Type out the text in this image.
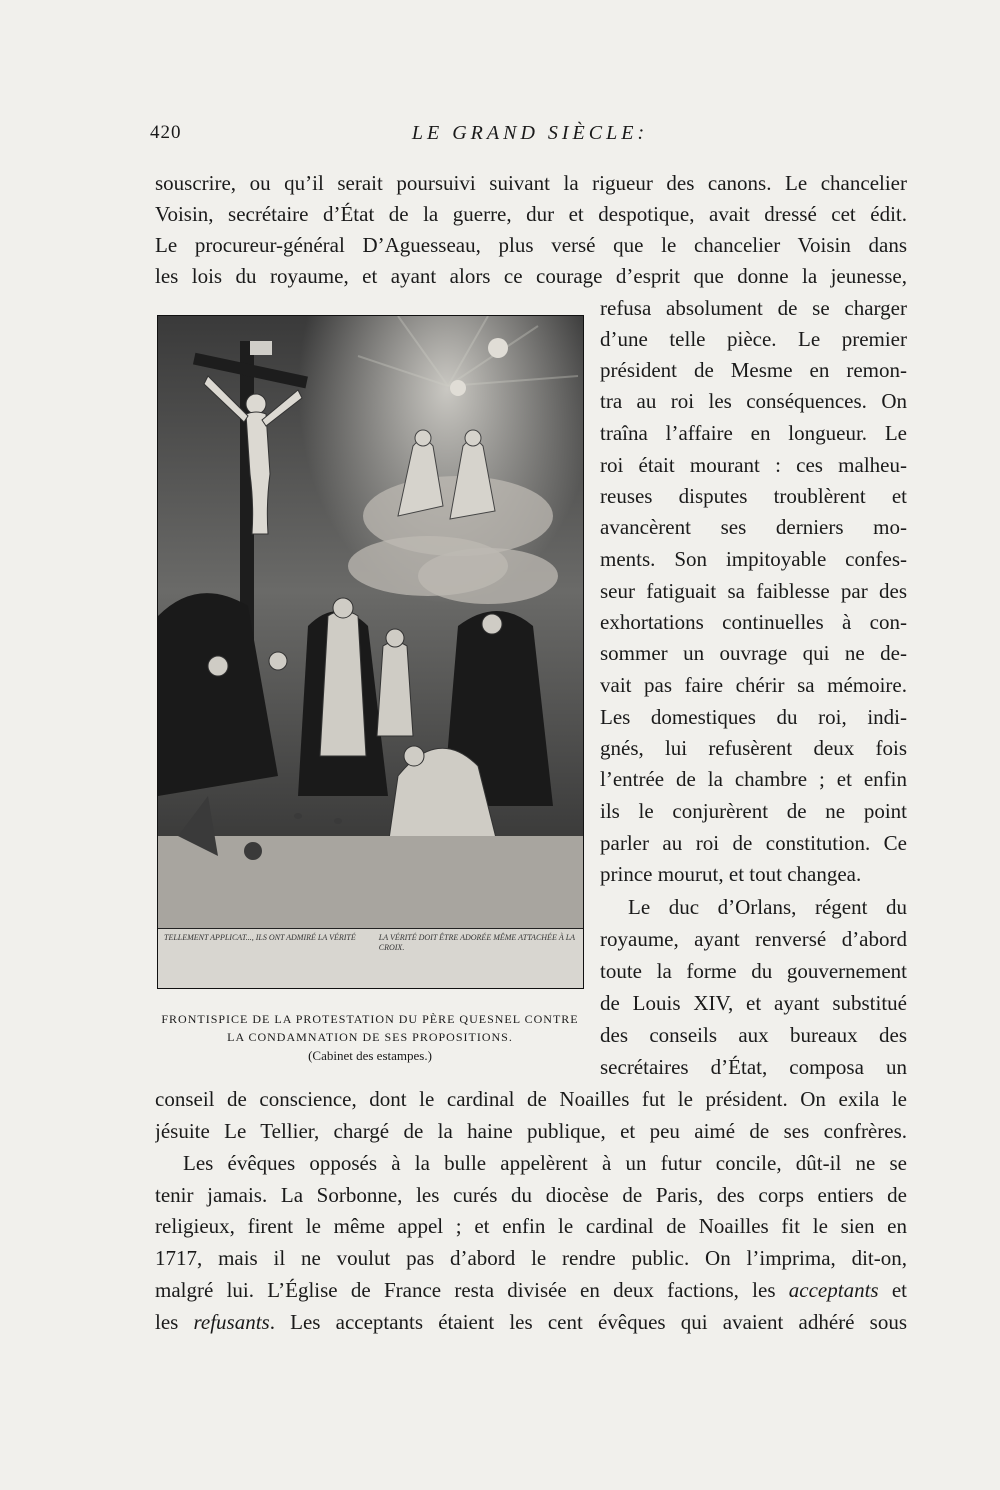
420	LE GRAND SIÈCLE:
souscrire, ou qu’il serait poursuivi suivant la rigueur des canons. Le chancelier
Voisin, secrétaire d’État de la guerre, dur et despotique, avait dressé cet édit.
Le procureur-général D’Aguesseau, plus versé que le chancelier Voisin dans
les lois du royaume, et ayant alors ce courage d’esprit que donne la jeunesse,
refusa absolument de se charger
d’une telle pièce. Le premier
président de Mesme en remon-
tra au roi les conséquences. On
traîna l’affaire en longueur. Le
roi était mourant : ces malheu-
reuses disputes troublèrent et
avancèrent ses derniers mo-
ments. Son impitoyable confes-
seur fatiguait sa faiblesse par des
exhortations continuelles à con-
sommer un ouvrage qui ne de-
vait pas faire chérir sa mémoire.
Les domestiques du roi, indi-
gnés, lui refusèrent deux fois
l’entrée de la chambre ; et enfin
ils le conjurèrent de ne point
parler au roi de constitution. Ce
prince mourut, et tout changea.
Le duc d’Orlans, régent du
royaume, ayant renversé d’abord
toute la forme du gouvernement
de Louis XIV, et ayant substitué
des conseils aux bureaux des
secrétaires d’État, composa un
TELLEMENT APPLICAT..., ILS ONT ADMIRÉ LA VÉRITÉ	LA VÉRITÉ DOIT ÊTRE ADORÉE MÊME ATTACHÉE À LA CROIX.
FRONTISPICE DE LA PROTESTATION DU PÈRE QUESNEL CONTRE
LA CONDAMNATION DE SES PROPOSITIONS.
(Cabinet des estampes.)
conseil de conscience, dont le cardinal de Noailles fut le président. On exila le
jésuite Le Tellier, chargé de la haine publique, et peu aimé de ses confrères.
Les évêques opposés à la bulle appelèrent à un futur concile, dût-il ne se
tenir jamais. La Sorbonne, les curés du diocèse de Paris, des corps entiers de
religieux, firent le même appel ; et enfin le cardinal de Noailles fit le sien en
1717, mais il ne voulut pas d’abord le rendre public. On l’imprima, dit-on,
malgré lui. L’Église de France resta divisée en deux factions, les acceptants et
les refusants. Les acceptants étaient les cent évêques qui avaient adhéré sous
